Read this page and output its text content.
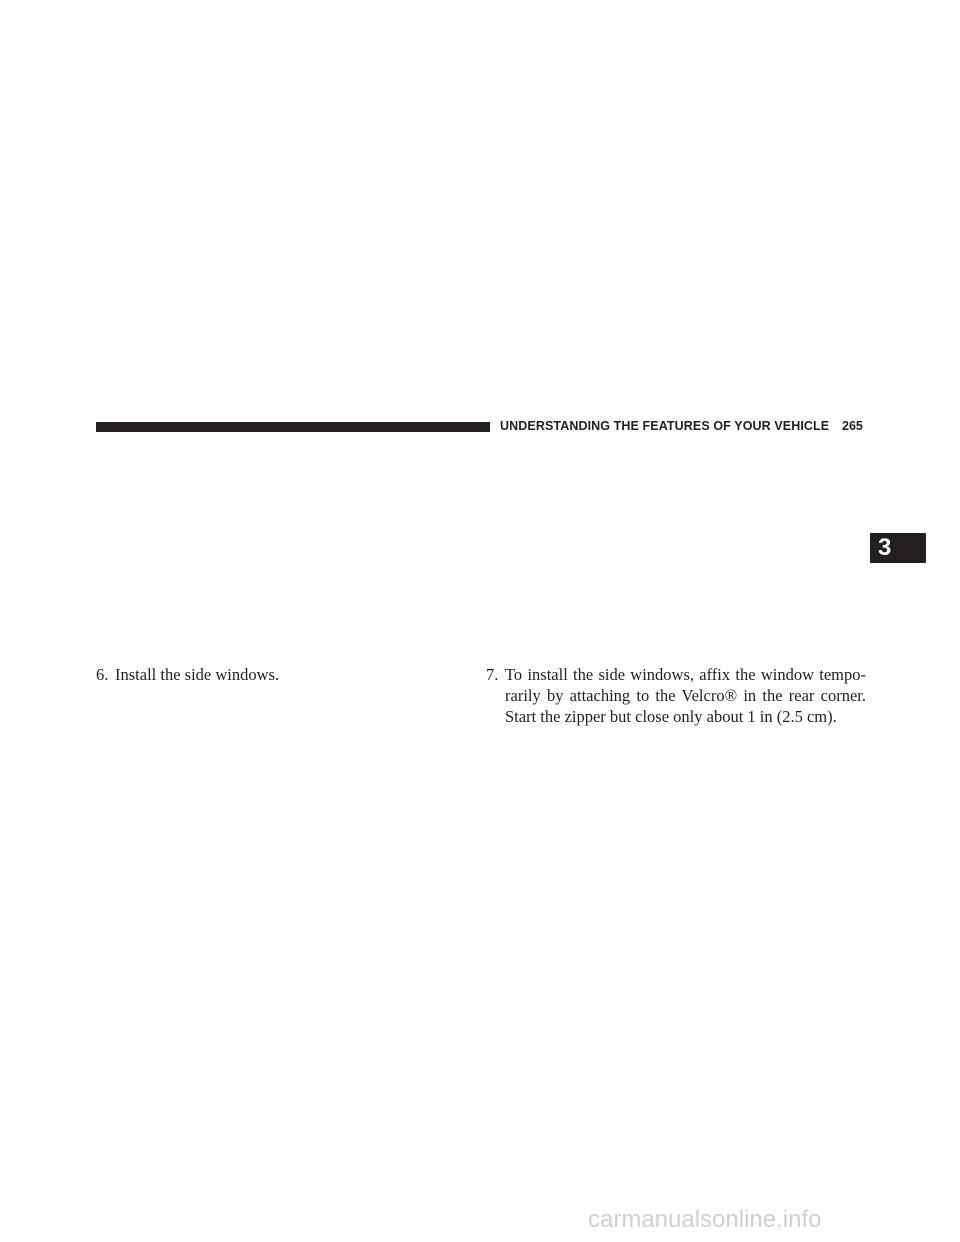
UNDERSTANDING THE FEATURES OF YOUR VEHICLE 265
3
6. Install the side windows.	7. To install the side windows, affix the window tempo-rarily by attaching to the Velcro® in the rear corner. Start the zipper but close only about 1 in (2.5 cm).
carmanualsonline.info
